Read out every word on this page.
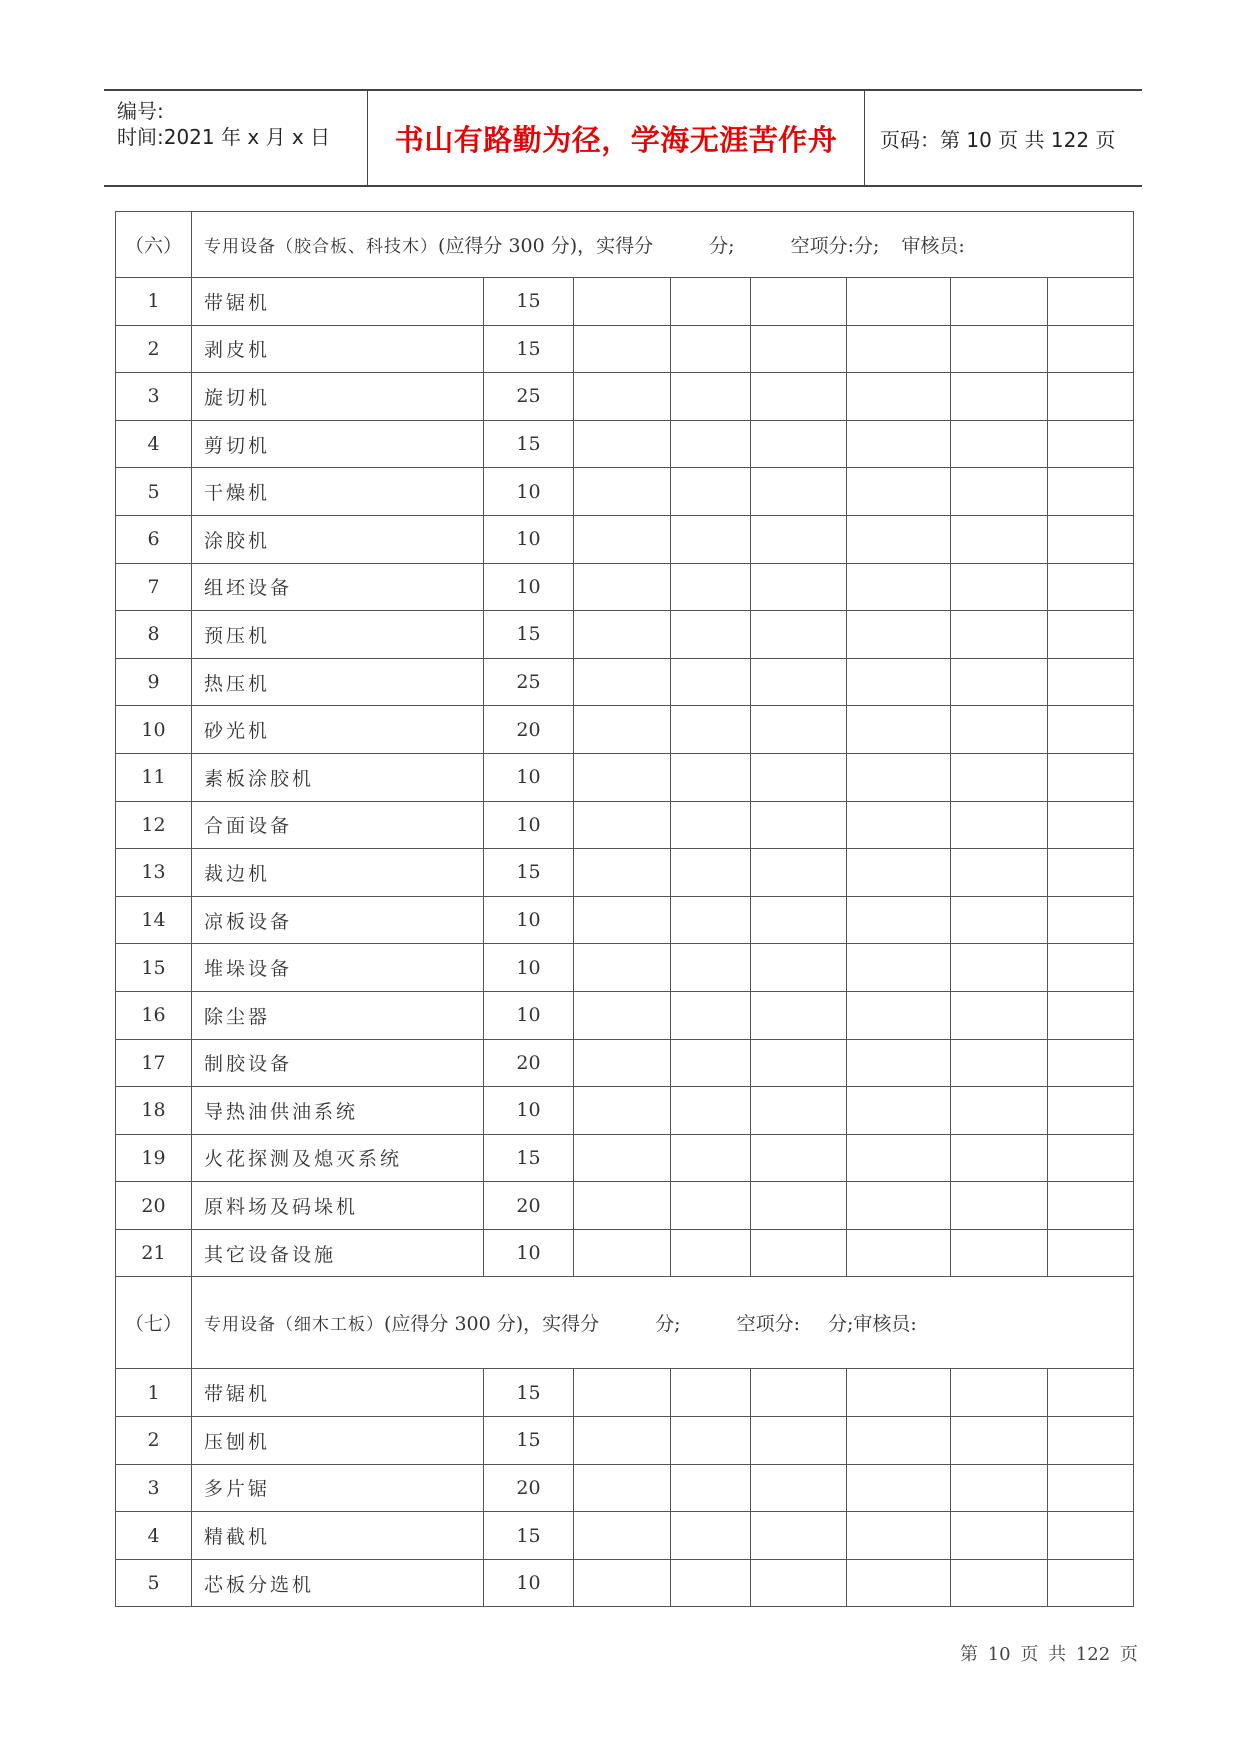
编号:
时间:2021 年 x 月 x 日 书山有路勤为径，学海无涯苦作舟	页码：第 10 页 共 122 页
（六）	专用设备（胶合板、科技木）(应得分 300 分)，实得分 分; 空项分:分; 审核员:							
1	带锯机	15						
2	剥皮机	15						
3	旋切机	25						
4	剪切机	15						
5	干燥机	10						
6	涂胶机	10						
7	组坯设备	10						
8	预压机	15						
9	热压机	25						
10	砂光机	20						
11	素板涂胶机	10						
12	合面设备	10						
13	裁边机	15						
14	凉板设备	10						
15	堆垛设备	10						
16	除尘器	10						
17	制胶设备	20						
18	导热油供油系统	10						
19	火花探测及熄灭系统	15						
20	原料场及码垛机	20						
21	其它设备设施	10						
（七）	专用设备（细木工板）(应得分 300 分)，实得分 分; 空项分: 分;审核员:							
1	带锯机	15						
2	压刨机	15						
3	多片锯	20						
4	精截机	15						
5	芯板分选机	10						
第 10 页 共 122 页
